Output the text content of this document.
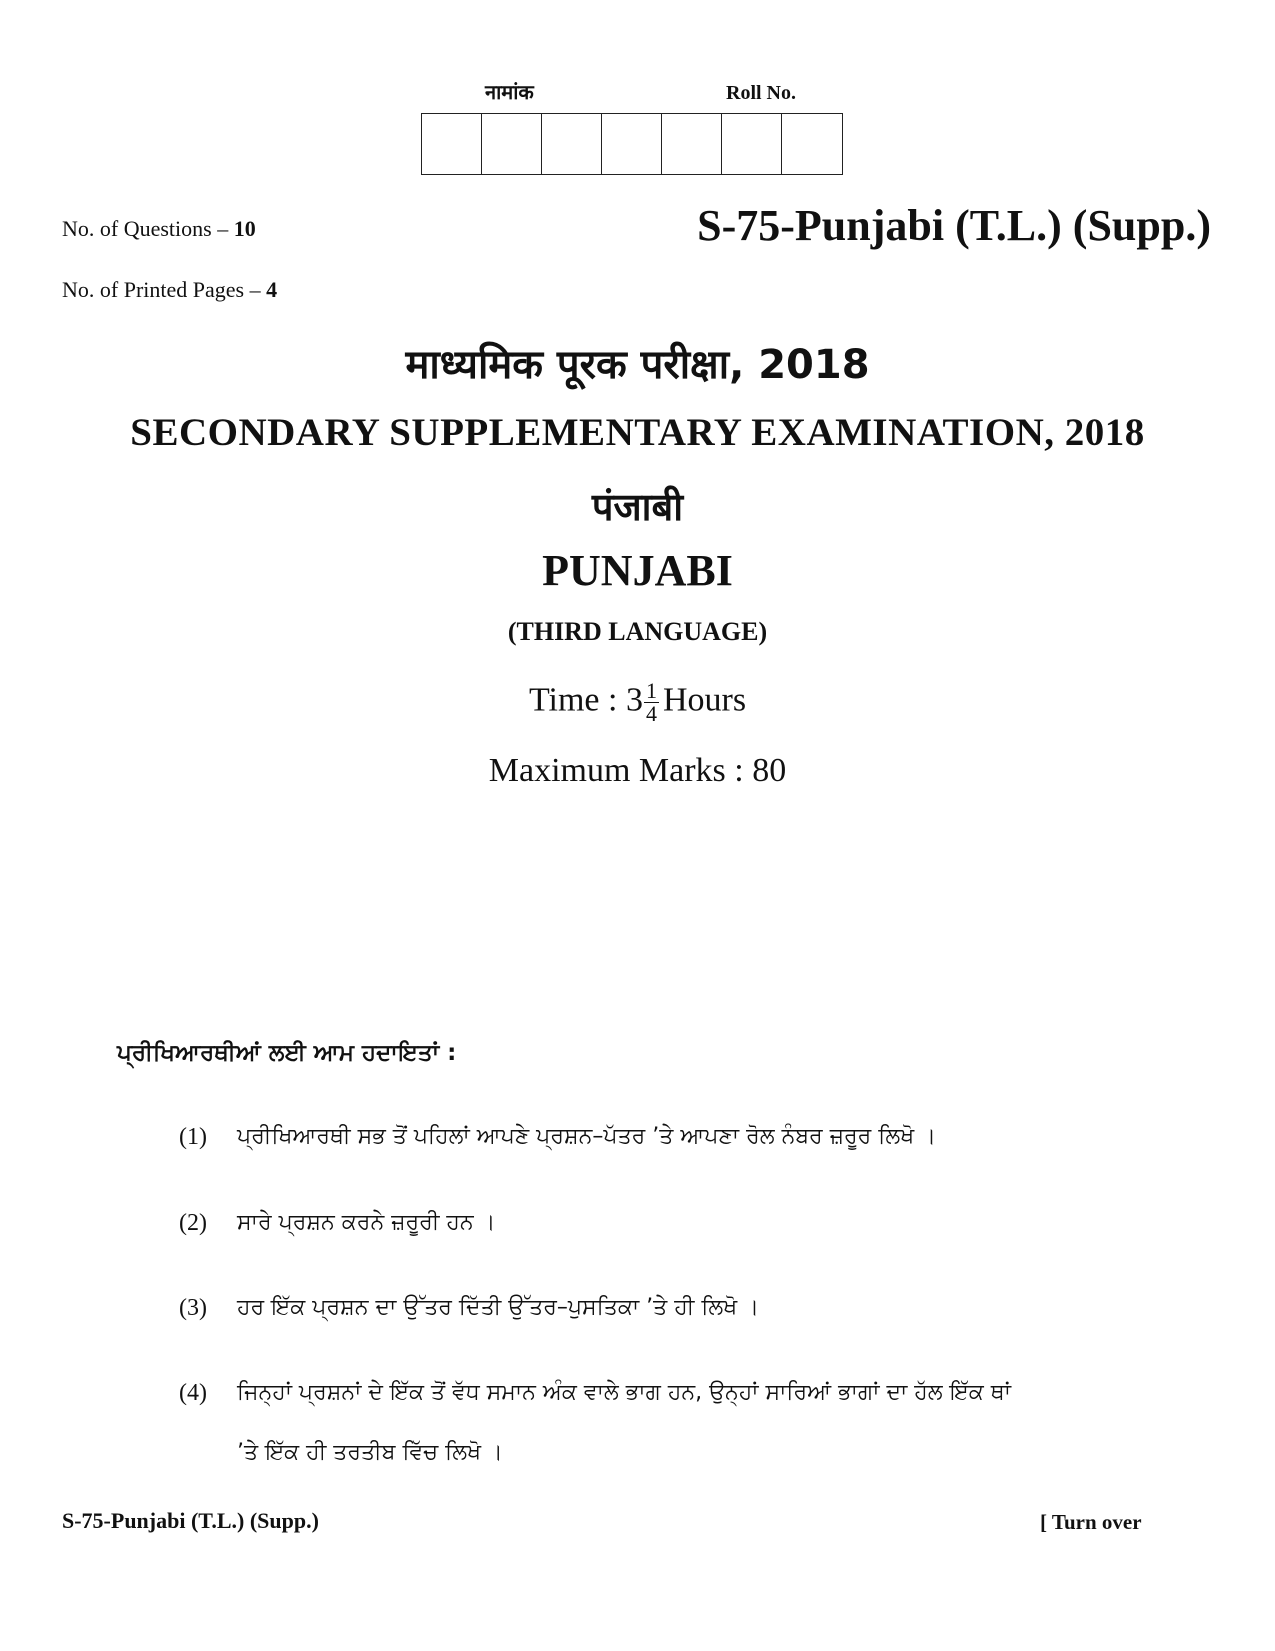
नामांक	Roll No.
No. of Questions – 10
No. of Printed Pages – 4
S-75-Punjabi (T.L.) (Supp.)
माध्यमिक पूरक परीक्षा, 2018
SECONDARY SUPPLEMENTARY EXAMINATION, 2018
पंजाबी
PUNJABI
(THIRD LANGUAGE)
Time : $3 \frac{1}{4}$ Hours
Maximum Marks : 80
ਪ੍ਰੀਖਿਆਰਥੀਆਂ ਲਈ ਆਮ ਹਦਾਇਤਾਂ :
(1)	ਪ੍ਰੀਖਿਆਰਥੀ ਸਭ ਤੋਂ ਪਹਿਲਾਂ ਆਪਣੇ ਪ੍ਰਸ਼ਨ–ਪੱਤਰ ’ਤੇ ਆਪਣਾ ਰੋਲ ਨੰਬਰ ਜ਼ਰੂਰ ਲਿਖੋ ।
(2)	ਸਾਰੇ ਪ੍ਰਸ਼ਨ ਕਰਨੇ ਜ਼ਰੂਰੀ ਹਨ ।
(3)	ਹਰ ਇੱਕ ਪ੍ਰਸ਼ਨ ਦਾ ਉੱਤਰ ਦਿੱਤੀ ਉੱਤਰ–ਪੁਸਤਿਕਾ ’ਤੇ ਹੀ ਲਿਖੋ ।
(4)	ਜਿਨ੍ਹਾਂ ਪ੍ਰਸ਼ਨਾਂ ਦੇ ਇੱਕ ਤੋਂ ਵੱਧ ਸਮਾਨ ਅੰਕ ਵਾਲੇ ਭਾਗ ਹਨ, ਉਨ੍ਹਾਂ ਸਾਰਿਆਂ ਭਾਗਾਂ ਦਾ ਹੱਲ ਇੱਕ ਥਾਂ
’ਤੇ ਇੱਕ ਹੀ ਤਰਤੀਬ ਵਿੱਚ ਲਿਖੋ ।
S-75-Punjabi (T.L.) (Supp.)	[ Turn over
